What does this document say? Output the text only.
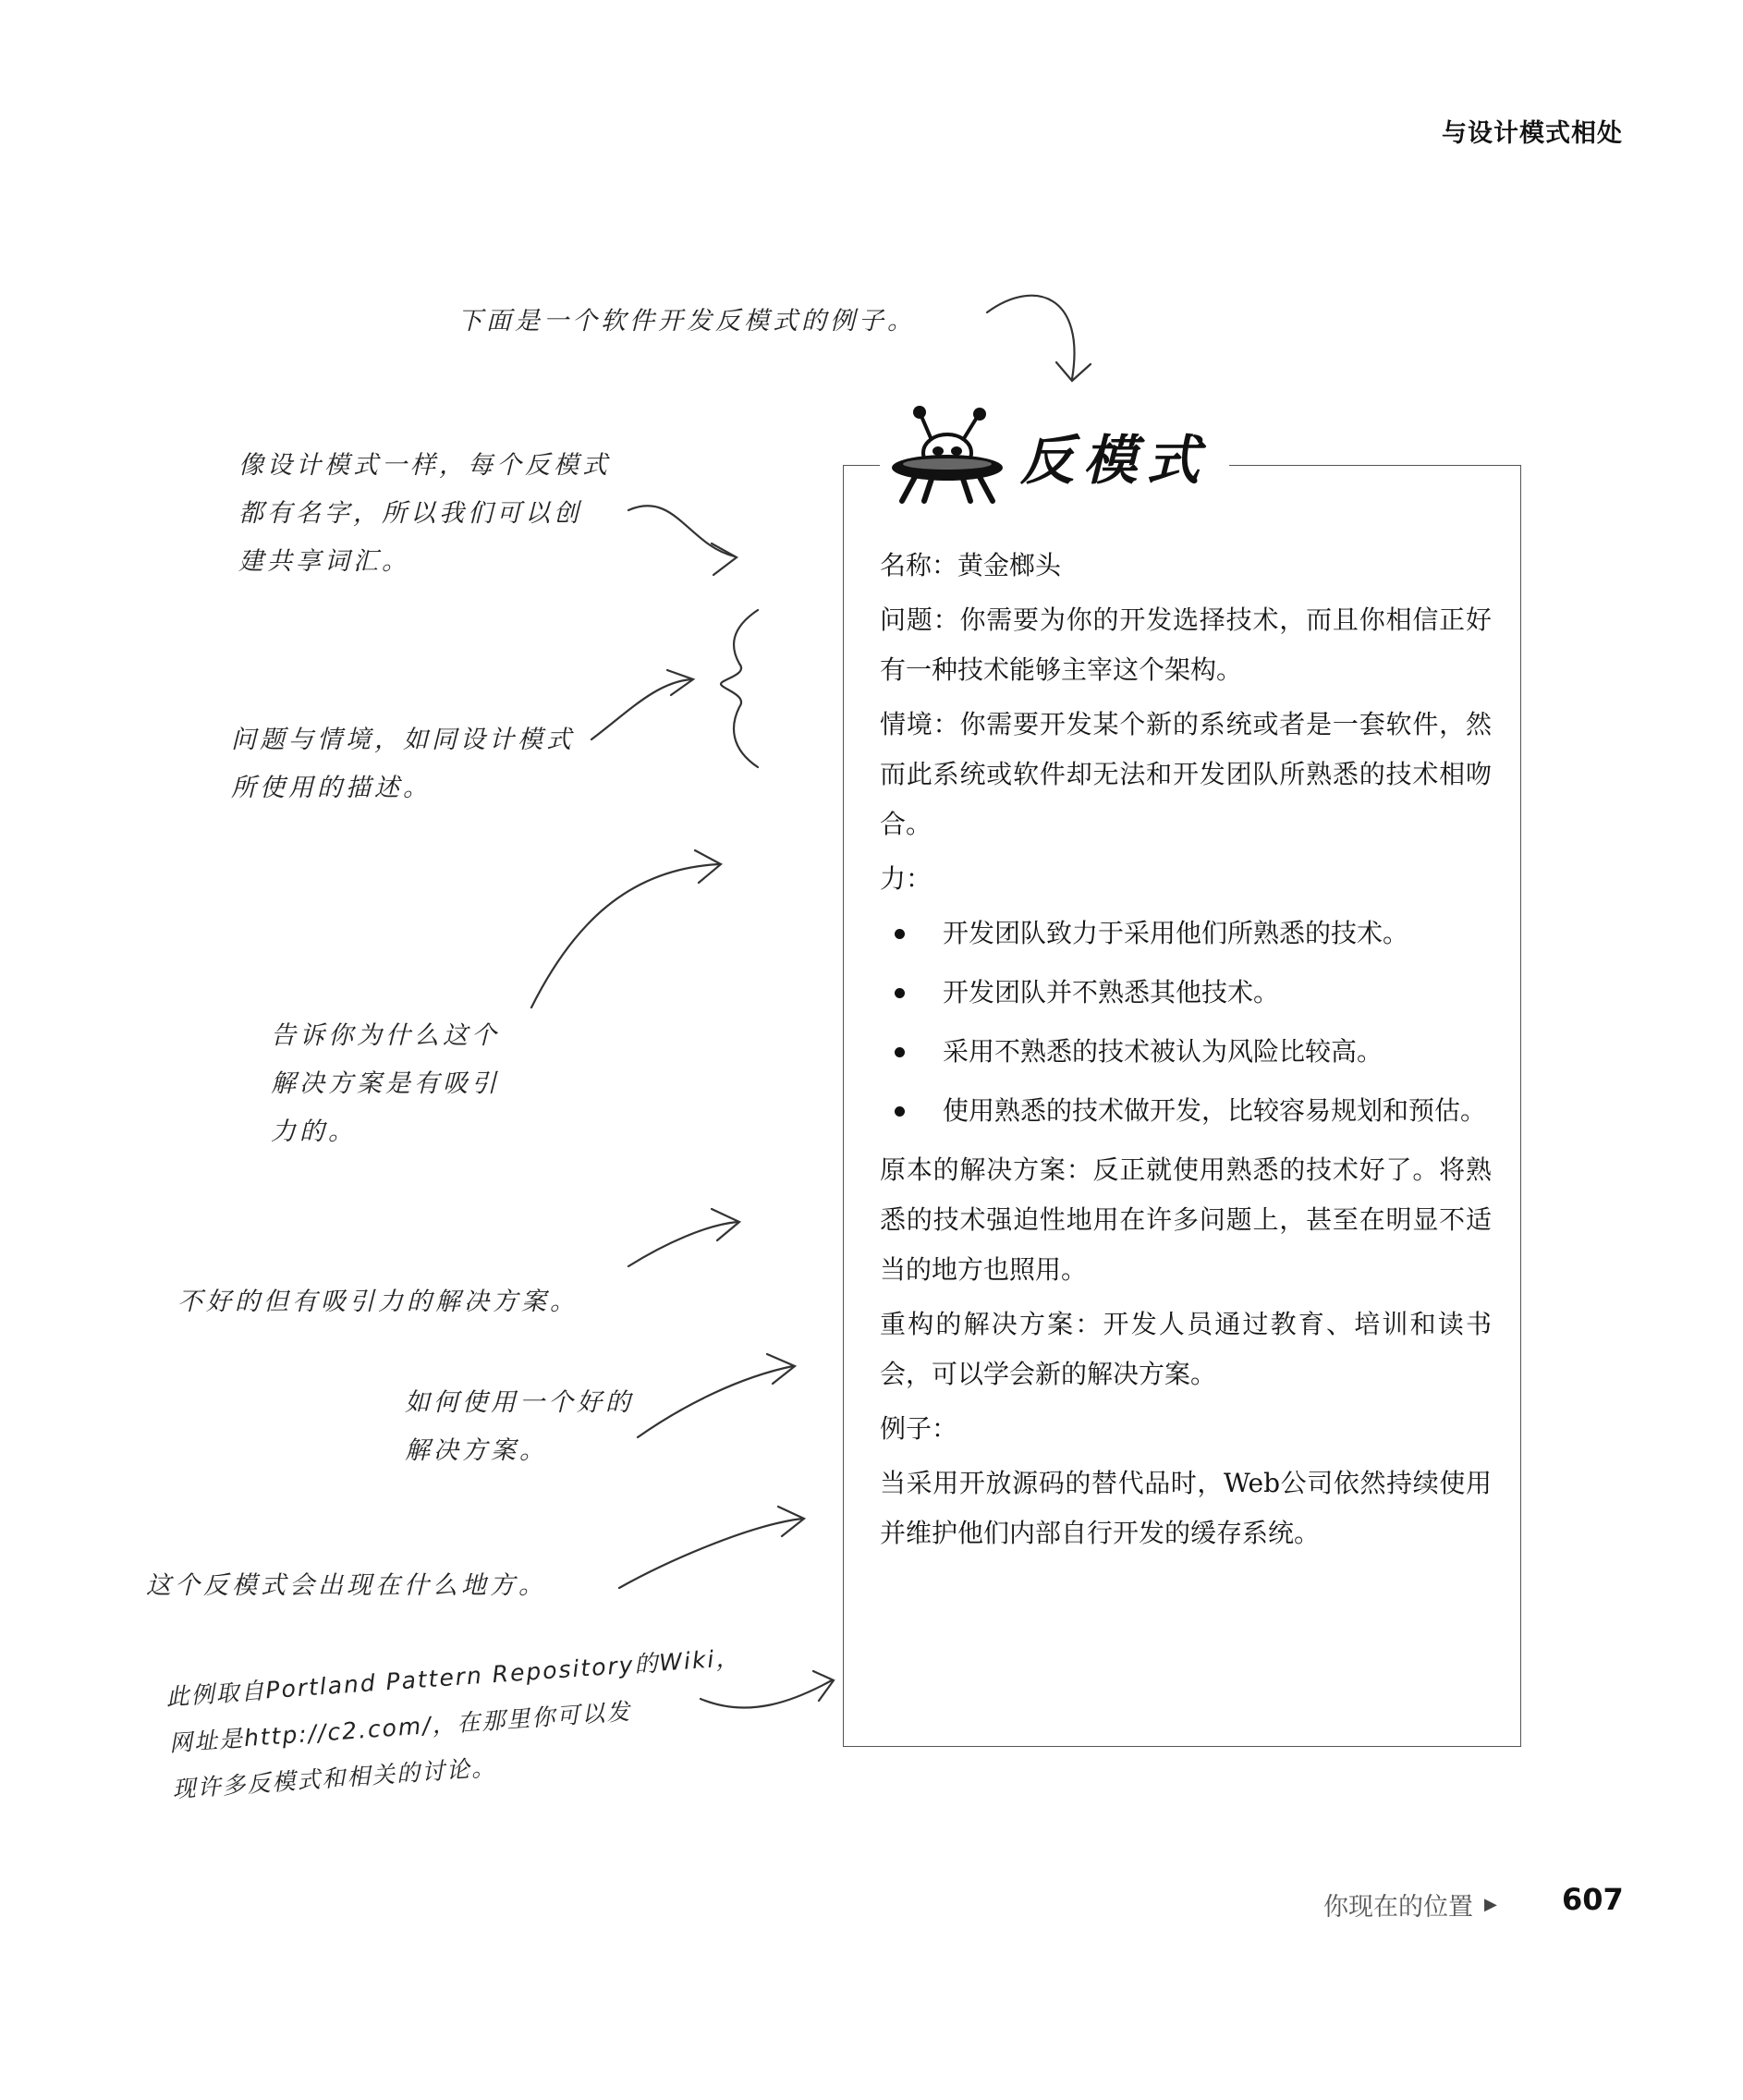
与设计模式相处
下面是一个软件开发反模式的例子。
像设计模式一样，每个反模式
都有名字，所以我们可以创
建共享词汇。
问题与情境，如同设计模式
所使用的描述。
告诉你为什么这个
解决方案是有吸引
力的。
不好的但有吸引力的解决方案。
如何使用一个好的
解决方案。
这个反模式会出现在什么地方。
此例取自Portland Pattern Repository的Wiki，
网址是http://c2.com/，在那里你可以发
现许多反模式和相关的讨论。
反模式

名称：黄金榔头

问题：你需要为你的开发选择技术，而且你相信正好有一种技术能够主宰这个架构。

情境：你需要开发某个新的系统或者是一套软件，然而此系统或软件却无法和开发团队所熟悉的技术相吻合。

力：

开发团队致力于采用他们所熟悉的技术。
开发团队并不熟悉其他技术。
采用不熟悉的技术被认为风险比较高。
使用熟悉的技术做开发，比较容易规划和预估。

原本的解决方案：反正就使用熟悉的技术好了。将熟悉的技术强迫性地用在许多问题上，甚至在明显不适当的地方也照用。

重构的解决方案：开发人员通过教育、培训和读书会，可以学会新的解决方案。

例子：

当采用开放源码的替代品时，Web公司依然持续使用并维护他们内部自行开发的缓存系统。

你现在的位置 ▶ 607
